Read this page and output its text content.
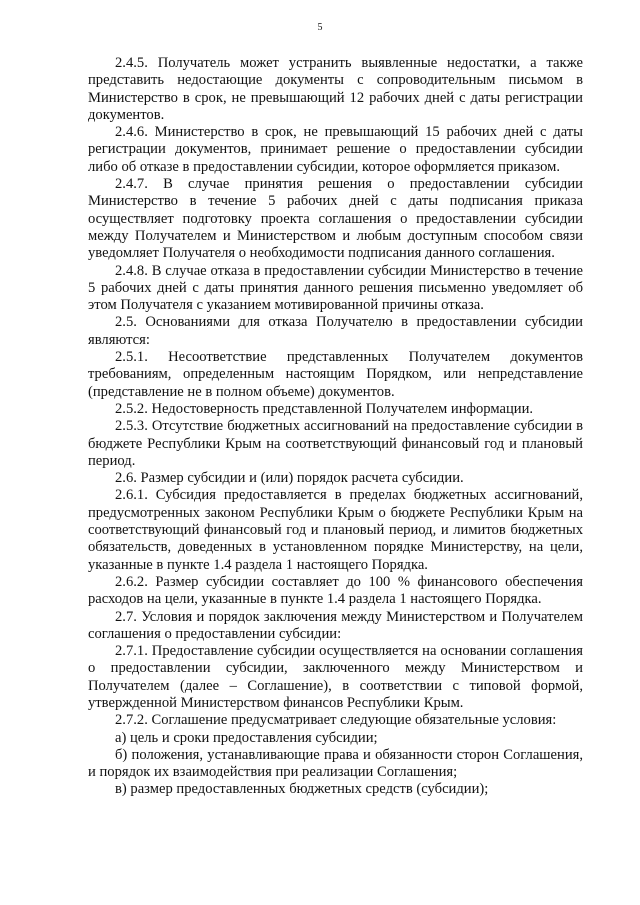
5

2.4.5. Получатель может устранить выявленные недостатки, а также представить недостающие документы с сопроводительным письмом в Министерство в срок, не превышающий 12 рабочих дней с даты регистрации документов.

2.4.6. Министерство в срок, не превышающий 15 рабочих дней с даты регистрации документов, принимает решение о предоставлении субсидии либо об отказе в предоставлении субсидии, которое оформляется приказом.

2.4.7. В случае принятия решения о предоставлении субсидии Министерство в течение 5 рабочих дней с даты подписания приказа осуществляет подготовку проекта соглашения о предоставлении субсидии между Получателем и Министерством и любым доступным способом связи уведомляет Получателя о необходимости подписания данного соглашения.

2.4.8. В случае отказа в предоставлении субсидии Министерство в течение 5 рабочих дней с даты принятия данного решения письменно уведомляет об этом Получателя с указанием мотивированной причины отказа.

2.5. Основаниями для отказа Получателю в предоставлении субсидии являются:

2.5.1. Несоответствие представленных Получателем документов требованиям, определенным настоящим Порядком, или непредставление (представление не в полном объеме) документов.

2.5.2. Недостоверность представленной Получателем информации.

2.5.3. Отсутствие бюджетных ассигнований на предоставление субсидии в бюджете Республики Крым на соответствующий финансовый год и плановый период.

2.6. Размер субсидии и (или) порядок расчета субсидии.

2.6.1. Субсидия предоставляется в пределах бюджетных ассигнований, предусмотренных законом Республики Крым о бюджете Республики Крым на соответствующий финансовый год и плановый период, и лимитов бюджетных обязательств, доведенных в установленном порядке Министерству, на цели, указанные в пункте 1.4 раздела 1 настоящего Порядка.

2.6.2. Размер субсидии составляет до 100 % финансового обеспечения расходов на цели, указанные в пункте 1.4 раздела 1 настоящего Порядка.

2.7. Условия и порядок заключения между Министерством и Получателем соглашения о предоставлении субсидии:

2.7.1. Предоставление субсидии осуществляется на основании соглашения о предоставлении субсидии, заключенного между Министерством и Получателем (далее – Соглашение), в соответствии с типовой формой, утвержденной Министерством финансов Республики Крым.

2.7.2. Соглашение предусматривает следующие обязательные условия:

а) цель и сроки предоставления субсидии;

б) положения, устанавливающие права и обязанности сторон Соглашения, и порядок их взаимодействия при реализации Соглашения;

в) размер предоставленных бюджетных средств (субсидии);
